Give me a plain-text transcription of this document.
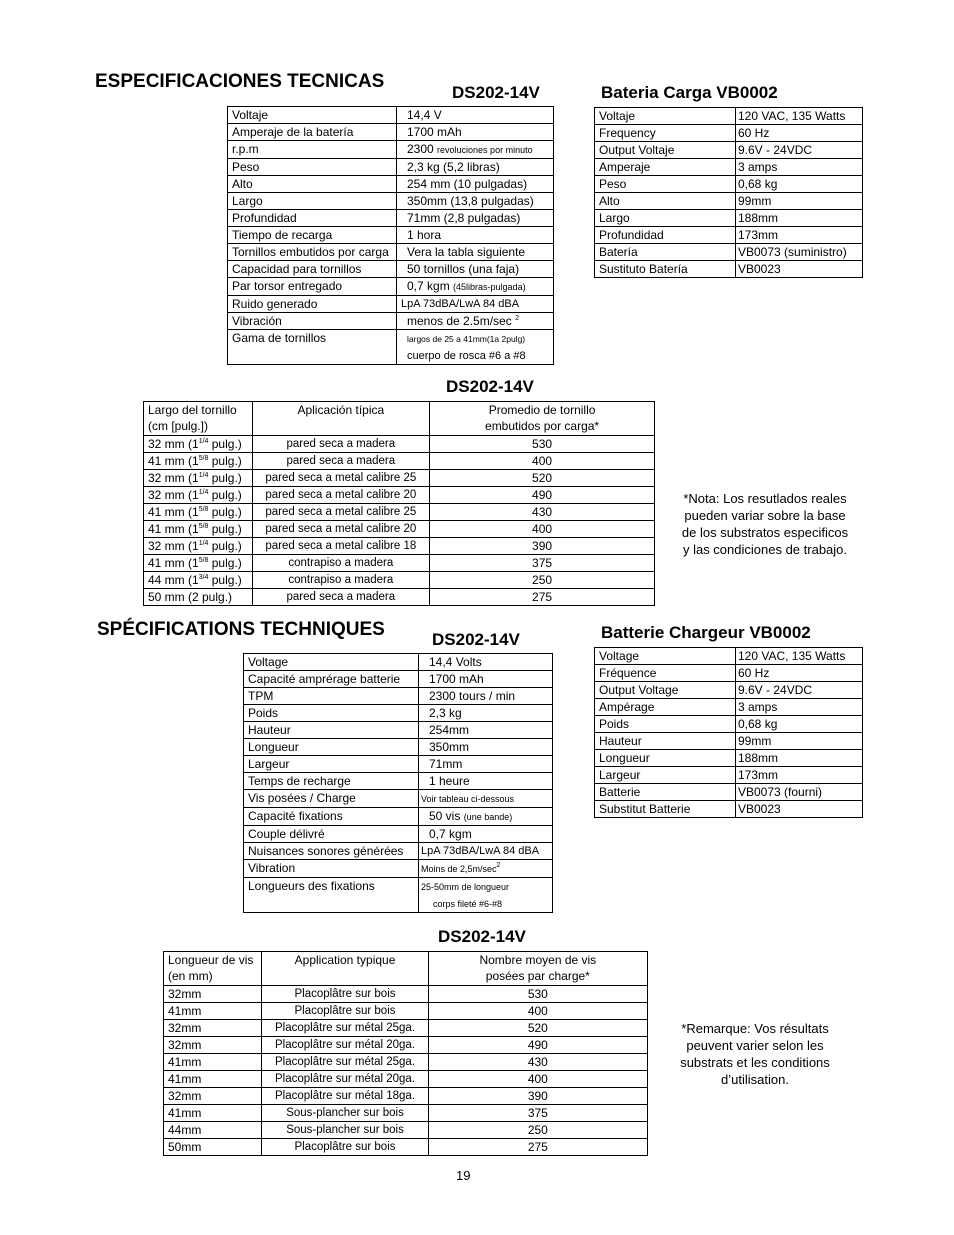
ESPECIFICACIONES TECNICAS
DS202-14V	Bateria Carga VB0002
Voltaje	14,4 V
Amperaje de la batería	1700 mAh
r.p.m	2300 revoluciones por minuto
Peso	2,3 kg (5,2 libras)
Alto	254 mm (10 pulgadas)
Largo	350mm (13,8 pulgadas)
Profundidad	71mm (2,8 pulgadas)
Tiempo de recarga	1 hora
Tornillos embutidos por carga	Vera la tabla siguiente
Capacidad para tornillos	50 tornillos (una faja)
Par torsor entregado	0,7 kgm (45libras-pulgada)
Ruido generado	LpA 73dBA/LwA 84 dBA
Vibración	menos de 2.5m/sec $^2$
Gama de tornillos	largos de 25 a 41mm(1a 2pulg)
cuerpo de rosca #6 a #8
Voltaje	120 VAC, 135 Watts
Frequency	60 Hz
Output Voltaje	9.6V - 24VDC
Amperaje	3 amps
Peso	0,68 kg
Alto	99mm
Largo	188mm
Profundidad	173mm
Batería	VB0073 (suministro)
Sustituto Batería	VB0023
DS202-14V
Largo del tornillo
(cm [pulg.])	Aplicación típica	Promedio de tornillo
embutidos por carga*
32 mm ($1^{1/4}$ pulg.)	pared seca a madera	530
41 mm ($1^{5/8}$ pulg.)	pared seca a madera	400
32 mm ($1^{1/4}$ pulg.)	pared seca a metal calibre 25	520
32 mm ($1^{1/4}$ pulg.)	pared seca a metal calibre 20	490
41 mm ($1^{5/8}$ pulg.)	pared seca a metal calibre 25	430
41 mm ($1^{5/8}$ pulg.)	pared seca a metal calibre 20	400
32 mm ($1^{1/4}$ pulg.)	pared seca a metal calibre 18	390
41 mm ($1^{5/8}$ pulg.)	contrapiso a madera	375
44 mm ($1^{3/4}$ pulg.)	contrapiso a madera	250
50 mm (2 pulg.)	pared seca a madera	275
*Nota: Los resutlados reales
pueden variar sobre la base
de los substratos especificos
y las condiciones de trabajo.
SPÉCIFICATIONS TECHNIQUES	DS202-14V	Batterie Chargeur VB0002
Voltage	14,4 Volts
Capacité amprérage batterie	1700 mAh
TPM	2300 tours / min
Poids	2,3 kg
Hauteur	254mm
Longueur	350mm
Largeur	71mm
Temps de recharge	1 heure
Vis posées / Charge	Voir tableau ci-dessous
Capacité fixations	50 vis (une bande)
Couple délivré	0,7 kgm
Nuisances sonores générées	LpA 73dBA/LwA 84 dBA
Vibration	Moins de $2,5m/\sec^2$
Longueurs des fixations	25-50mm de longueur
corps fileté #6-#8
Voltage	120 VAC, 135 Watts
Fréquence	60 Hz
Output Voltage	9.6V - 24VDC
Ampérage	3 amps
Poids	0,68 kg
Hauteur	99mm
Longueur	188mm
Largeur	173mm
Batterie	VB0073 (fourni)
Substitut Batterie	VB0023
DS202-14V
Longueur de vis
(en mm)	Application typique	Nombre moyen de vis
posées par charge*
32mm	Placoplâtre sur bois	530
41mm	Placoplâtre sur bois	400
32mm	Placoplâtre sur métal 25ga.	520
32mm	Placoplâtre sur métal 20ga.	490
41mm	Placoplâtre sur métal 25ga.	430
41mm	Placoplâtre sur métal 20ga.	400
32mm	Placoplâtre sur métal 18ga.	390
41mm	Sous-plancher sur bois	375
44mm	Sous-plancher sur bois	250
50mm	Placoplâtre sur bois	275
*Remarque: Vos résultats
peuvent varier selon les
substrats et les conditions
d’utilisation.
19
